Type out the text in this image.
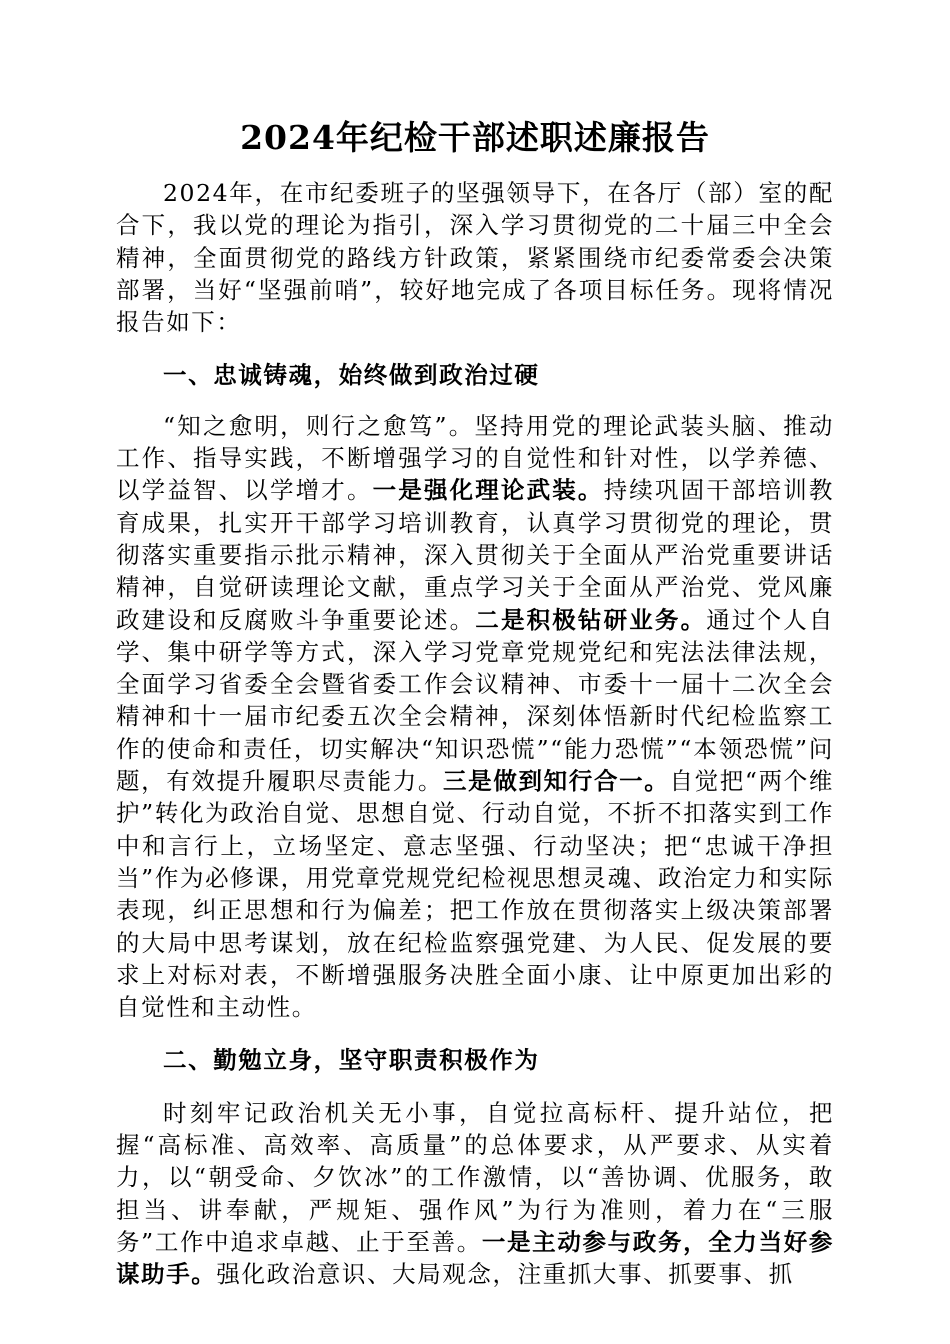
2024年纪检干部述职述廉报告

2024年，在市纪委班子的坚强领导下，在各厅（部）室的配合下，我以党的理论为指引，深入学习贯彻党的二十届三中全会精神，全面贯彻党的路线方针政策，紧紧围绕市纪委常委会决策部署，当好“坚强前哨”，较好地完成了各项目标任务。现将情况报告如下：

一、忠诚铸魂，始终做到政治过硬

“知之愈明，则行之愈笃”。坚持用党的理论武装头脑、推动工作、指导实践，不断增强学习的自觉性和针对性，以学养德、以学益智、以学增才。一是强化理论武装。持续巩固干部培训教育成果，扎实开干部学习培训教育，认真学习贯彻党的理论，贯彻落实重要指示批示精神，深入贯彻关于全面从严治党重要讲话精神，自觉研读理论文献，重点学习关于全面从严治党、党风廉政建设和反腐败斗争重要论述。二是积极钻研业务。通过个人自学、集中研学等方式，深入学习党章党规党纪和宪法法律法规，全面学习省委全会暨省委工作会议精神、市委十一届十二次全会精神和十一届市纪委五次全会精神，深刻体悟新时代纪检监察工作的使命和责任，切实解决“知识恐慌”“能力恐慌”“本领恐慌”问题，有效提升履职尽责能力。三是做到知行合一。自觉把“两个维护”转化为政治自觉、思想自觉、行动自觉，不折不扣落实到工作中和言行上，立场坚定、意志坚强、行动坚决；把“忠诚干净担当”作为必修课，用党章党规党纪检视思想灵魂、政治定力和实际表现，纠正思想和行为偏差；把工作放在贯彻落实上级决策部署的大局中思考谋划，放在纪检监察强党建、为人民、促发展的要求上对标对表，不断增强服务决胜全面小康、让中原更加出彩的自觉性和主动性。

二、勤勉立身，坚守职责积极作为

时刻牢记政治机关无小事，自觉拉高标杆、提升站位，把握“高标准、高效率、高质量”的总体要求，从严要求、从实着力，以“朝受命、夕饮冰”的工作激情，以“善协调、优服务，敢担当、讲奉献，严规矩、强作风”为行为准则，着力在“三服务”工作中追求卓越、止于至善。一是主动参与政务，全力当好参谋助手。强化政治意识、大局观念，注重抓大事、抓要事、抓
